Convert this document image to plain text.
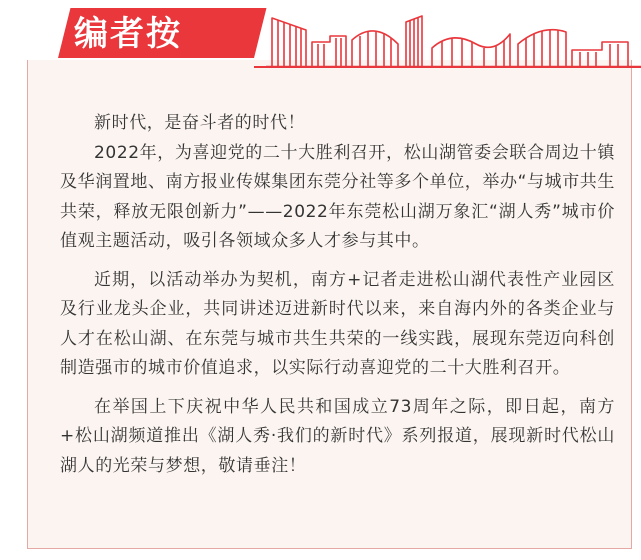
编者按

新时代，是奋斗者的时代！

2022年，为喜迎党的二十大胜利召开，松山湖管委会联合周边十镇及华润置地、南方报业传媒集团东莞分社等多个单位，举办“与城市共生共荣，释放无限创新力”——2022年东莞松山湖万象汇“湖人秀”城市价值观主题活动，吸引各领域众多人才参与其中。

近期，以活动举办为契机，南方+记者走进松山湖代表性产业园区及行业龙头企业，共同讲述迈进新时代以来，来自海内外的各类企业与人才在松山湖、在东莞与城市共生共荣的一线实践，展现东莞迈向科创制造强市的城市价值追求，以实际行动喜迎党的二十大胜利召开。

在举国上下庆祝中华人民共和国成立73周年之际，即日起，南方+松山湖频道推出《湖人秀·我们的新时代》系列报道，展现新时代松山湖人的光荣与梦想，敬请垂注！
